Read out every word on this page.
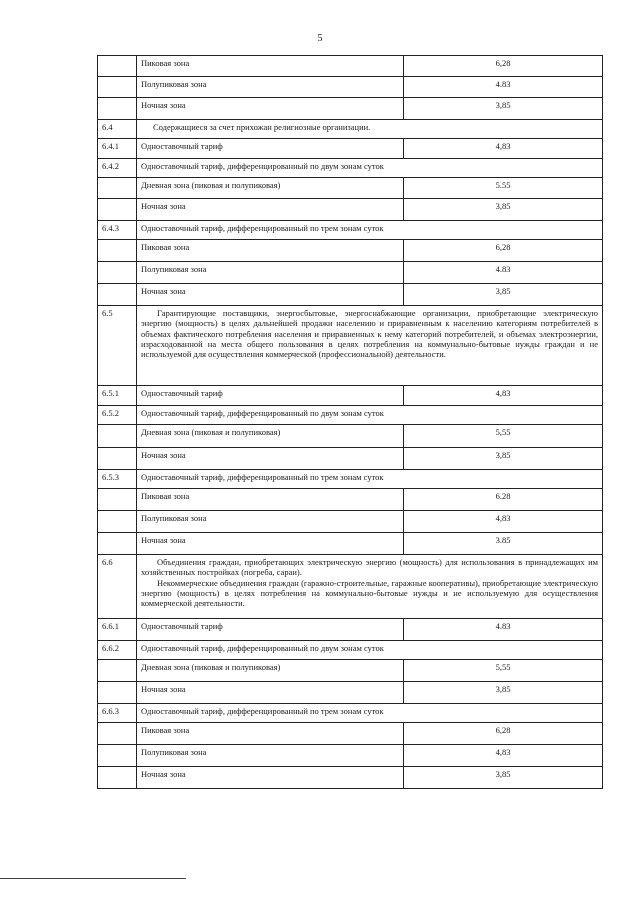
5
	Пиковая зона	6,28
	Полупиковая зона	4.83
	Ночная зона	3,85
6.4	Содержащиеся за счет прихожан религиозные организации.	
6.4.1	Одноставочный тариф	4,83
6.4.2	Одноставочный тариф, дифференцированный по двум зонам суток	
	Дневная зона (пиковая и полупиковая)	5.55
	Ночная зона	3,85
6.4.3	Одноставочный тариф, дифференцированный по трем зонам суток	
	Пиковая зона	6,28
	Полупиковая зона	4.83
	Ночная зона	3,85
6.5	Гарантирующие поставщики, энергосбытовые, энергоснабжающие организации, приобретающие электрическую энергию (мощность) в целях дальнейшей продажи населению и приравненным к населению категориям потребителей в объемах фактического потребления населения и приравненных к нему категорий потребителей, и объемах электроэнергии, израсходованной на места общего пользования в целях потребления на коммунально-бытовые нужды граждан и не используемой для осуществления коммерческой (профессиональной) деятельности.	

6.5.1	Одноставочный тариф	4,83
6.5.2	Одноставочный тариф, дифференцированный по двум зонам суток	
	Дневная зона (пиковая и полупиковая)	5,55
	Ночная зона	3,85
6.5.3	Одноставочный тариф, дифференцированный по трем зонам суток	
	Пиковая зона	6.28
	Полупиковая зона	4,83
	Ночная зона	3.85
6.6	Объединения граждан, приобретающих электрическую энергию (мощность) для использования в принадлежащих им хозяйственных постройках (погреба, сараи).
Некоммерческие объединения граждан (гаражно-строительные, гаражные кооперативы), приобретающие электрическую энергию (мощность) в целях потребления на коммунально-бытовые нужды и не используемую для осуществления коммерческой деятельности.	

6.6.1	Одноставочный тариф	4.83
6.6.2	Одноставочный тариф, дифференцированный по двум зонам суток	
	Дневная зона (пиковая и полупиковая)	5,55
	Ночная зона	3,85
6.6.3	Одноставочный тариф, дифференцированный по трем зонам суток	
	Пиковая зона	6,28
	Полупиковая зона	4,83
	Ночная зона	3,85
